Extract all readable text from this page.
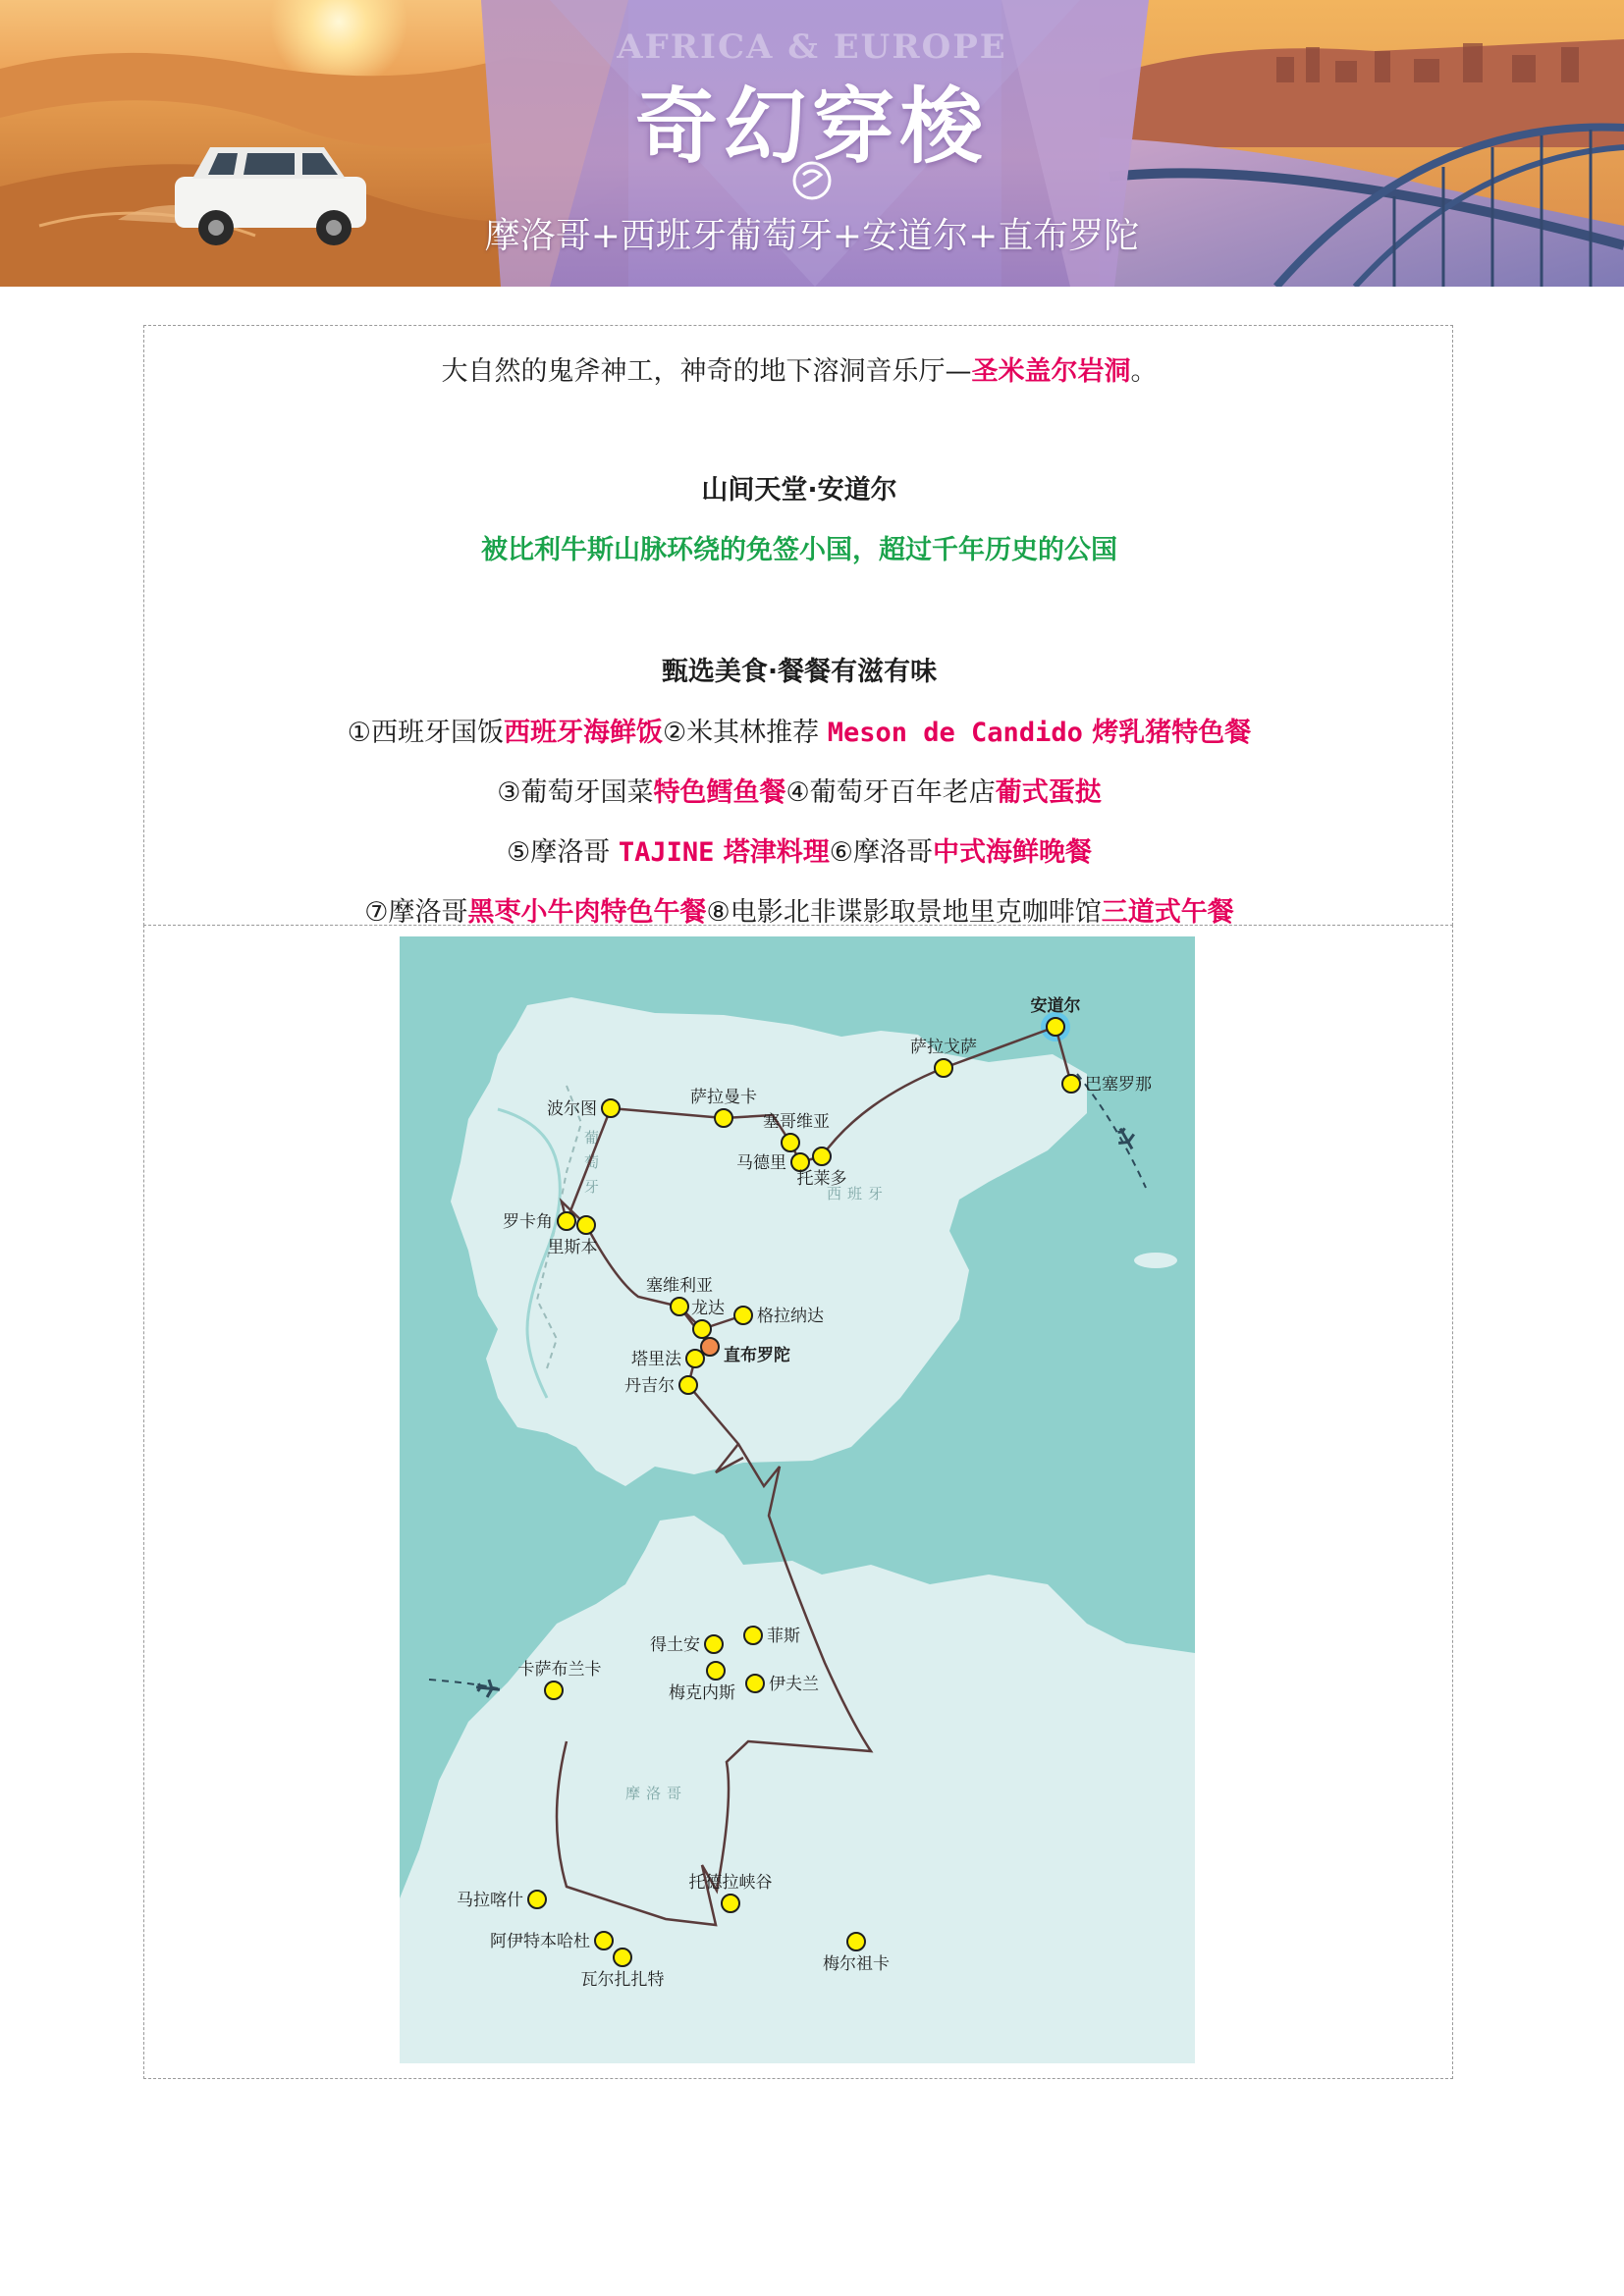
AFRICA & EUROPE
奇幻穿梭
摩洛哥+西班牙葡萄牙+安道尔+直布罗陀
大自然的鬼斧神工，神奇的地下溶洞音乐厅—圣米盖尔岩洞。
山间天堂·安道尔
被比利牛斯山脉环绕的免签小国，超过千年历史的公国
甄选美食·餐餐有滋有味
①西班牙国饭西班牙海鲜饭②米其林推荐 Meson de Candido 烤乳猪特色餐
③葡萄牙国菜特色鳕鱼餐④葡萄牙百年老店葡式蛋挞
⑤摩洛哥 TAJINE 塔津料理⑥摩洛哥中式海鲜晚餐
⑦摩洛哥黑枣小牛肉特色午餐⑧电影北非谍影取景地里克咖啡馆三道式午餐
葡
萄
牙	西班牙
摩洛哥
安道尔
巴塞罗那
萨拉戈萨
萨拉曼卡
塞哥维亚
马德里
托莱多
波尔图
罗卡角
里斯本
塞维利亚
龙达 格拉纳达
直布罗陀
塔里法
丹吉尔
得土安	菲斯
梅克内斯 伊夫兰
卡萨布兰卡
马拉喀什
阿伊特本哈杜
瓦尔扎扎特
托德拉峡谷
梅尔祖卡
